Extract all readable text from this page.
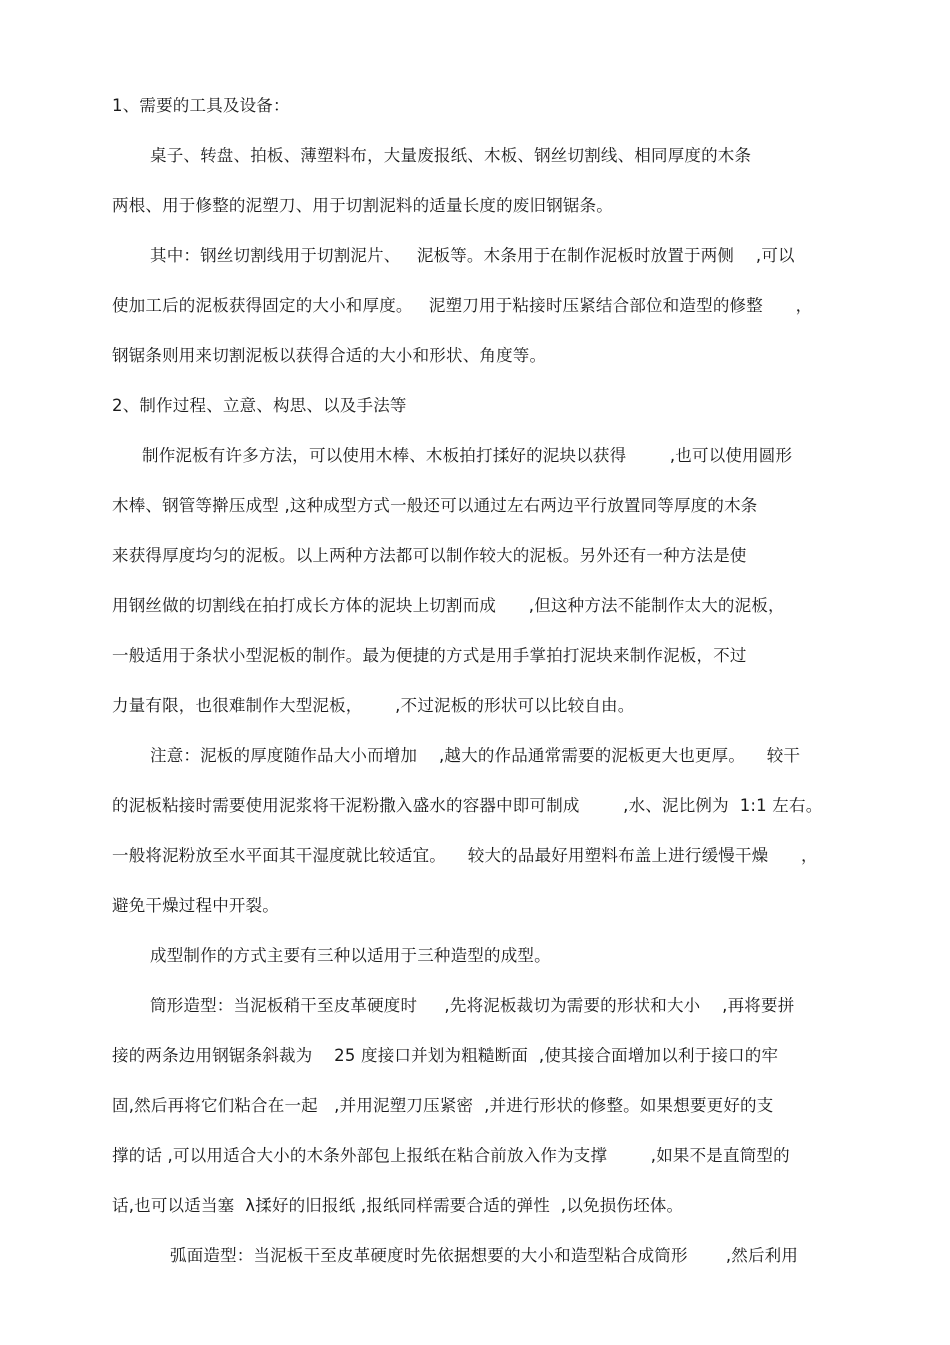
1、需要的工具及设备：
桌子、转盘、拍板、薄塑料布，大量废报纸、木板、钢丝切割线、相同厚度的木条
两根、用于修整的泥塑刀、用于切割泥料的适量长度的废旧钢锯条。
其中：钢丝切割线用于切割泥片、   泥板等。木条用于在制作泥板时放置于两侧    ,可以
使加工后的泥板获得固定的大小和厚度。   泥塑刀用于粘接时压紧结合部位和造型的修整      ，
钢锯条则用来切割泥板以获得合适的大小和形状、角度等。
2、制作过程、立意、构思、以及手法等
制作泥板有许多方法，可以使用木棒、木板拍打揉好的泥块以获得        ,也可以使用圆形
木棒、钢管等擀压成型 ,这种成型方式一般还可以通过左右两边平行放置同等厚度的木条
来获得厚度均匀的泥板。以上两种方法都可以制作较大的泥板。另外还有一种方法是使
用钢丝做的切割线在拍打成长方体的泥块上切割而成      ,但这种方法不能制作太大的泥板，
一般适用于条状小型泥板的制作。最为便捷的方式是用手掌拍打泥块来制作泥板，不过
力量有限，也很难制作大型泥板，      ,不过泥板的形状可以比较自由。
注意：泥板的厚度随作品大小而增加    ,越大的作品通常需要的泥板更大也更厚。    较干
的泥板粘接时需要使用泥浆将干泥粉撒入盛水的容器中即可制成        ,水、泥比例为  1:1 左右。
一般将泥粉放至水平面其干湿度就比较适宜。    较大的品最好用塑料布盖上进行缓慢干燥      ，
避免干燥过程中开裂。
成型制作的方式主要有三种以适用于三种造型的成型。
筒形造型：当泥板稍干至皮革硬度时     ,先将泥板裁切为需要的形状和大小    ,再将要拼
接的两条边用钢锯条斜裁为    25 度接口并划为粗糙断面  ,使其接合面增加以利于接口的牢
固,然后再将它们粘合在一起   ,并用泥塑刀压紧密  ,并进行形状的修整。如果想要更好的支
撑的话 ,可以用适合大小的木条外部包上报纸在粘合前放入作为支撑        ,如果不是直筒型的
话,也可以适当塞  λ揉好的旧报纸 ,报纸同样需要合适的弹性  ,以免损伤坯体。
弧面造型：当泥板干至皮革硬度时先依据想要的大小和造型粘合成筒形       ,然后利用
